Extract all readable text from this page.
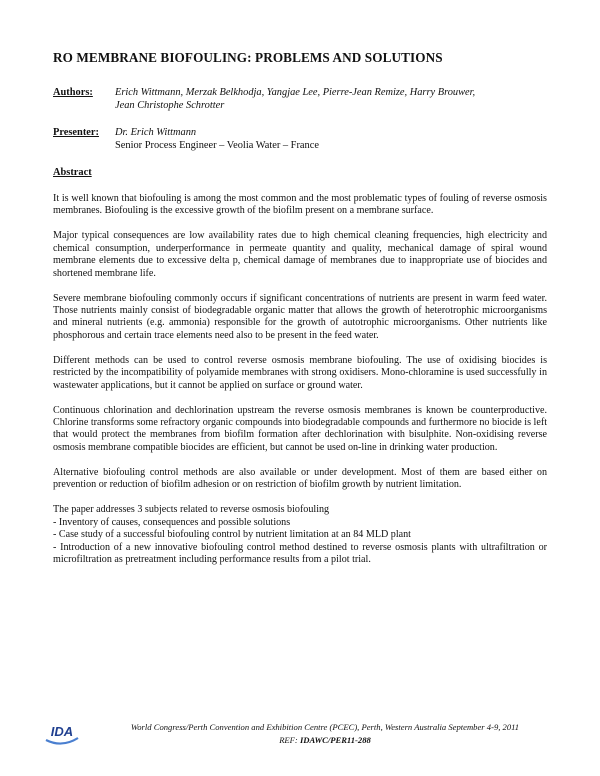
RO MEMBRANE BIOFOULING: PROBLEMS AND SOLUTIONS
Authors: Erich Wittmann, Merzak Belkhodja, Yangjae Lee, Pierre-Jean Remize, Harry Brouwer,
Jean Christophe Schrotter
Presenter: Dr. Erich Wittmann
Senior Process Engineer – Veolia Water – France
Abstract

It is well known that biofouling is among the most common and the most problematic types of fouling of reverse osmosis membranes. Biofouling is the excessive growth of the biofilm present on a membrane surface.

Major typical consequences are low availability rates due to high chemical cleaning frequencies, high electricity and chemical consumption, underperformance in permeate quantity and quality, mechanical damage of spiral wound membrane elements due to excessive delta p, chemical damage of membranes due to inappropriate use of biocides and shortened membrane life.

Severe membrane biofouling commonly occurs if significant concentrations of nutrients are present in warm feed water. Those nutrients mainly consist of biodegradable organic matter that allows the growth of heterotrophic microorganisms and mineral nutrients (e.g. ammonia) responsible for the growth of autotrophic microorganisms. Other nutrients like phosphorous and certain trace elements need also to be present in the feed water.

Different methods can be used to control reverse osmosis membrane biofouling. The use of oxidising biocides is restricted by the incompatibility of polyamide membranes with strong oxidisers. Mono-chloramine is used successfully in wastewater applications, but it cannot be applied on surface or ground water.

Continuous chlorination and dechlorination upstream the reverse osmosis membranes is known be counterproductive. Chlorine transforms some refractory organic compounds into biodegradable compounds and furthermore no biocide is left that would protect the membranes from biofilm formation after dechlorination with bisulphite. Non-oxidising reverse osmosis membrane compatible biocides are efficient, but cannot be used on-line in drinking water production.

Alternative biofouling control methods are also available or under development. Most of them are based either on prevention or reduction of biofilm adhesion or on restriction of biofilm growth by nutrient limitation.

The paper addresses 3 subjects related to reverse osmosis biofouling
- Inventory of causes, consequences and possible solutions
- Case study of a successful biofouling control by nutrient limitation at an 84 MLD plant
- Introduction of a new innovative biofouling control method destined to reverse osmosis plants with ultrafiltration or microfiltration as pretreatment including performance results from a pilot trial.
IDA	World Congress/Perth Convention and Exhibition Centre (PCEC), Perth, Western Australia September 4-9, 2011
REF: IDAWC/PER11-288
